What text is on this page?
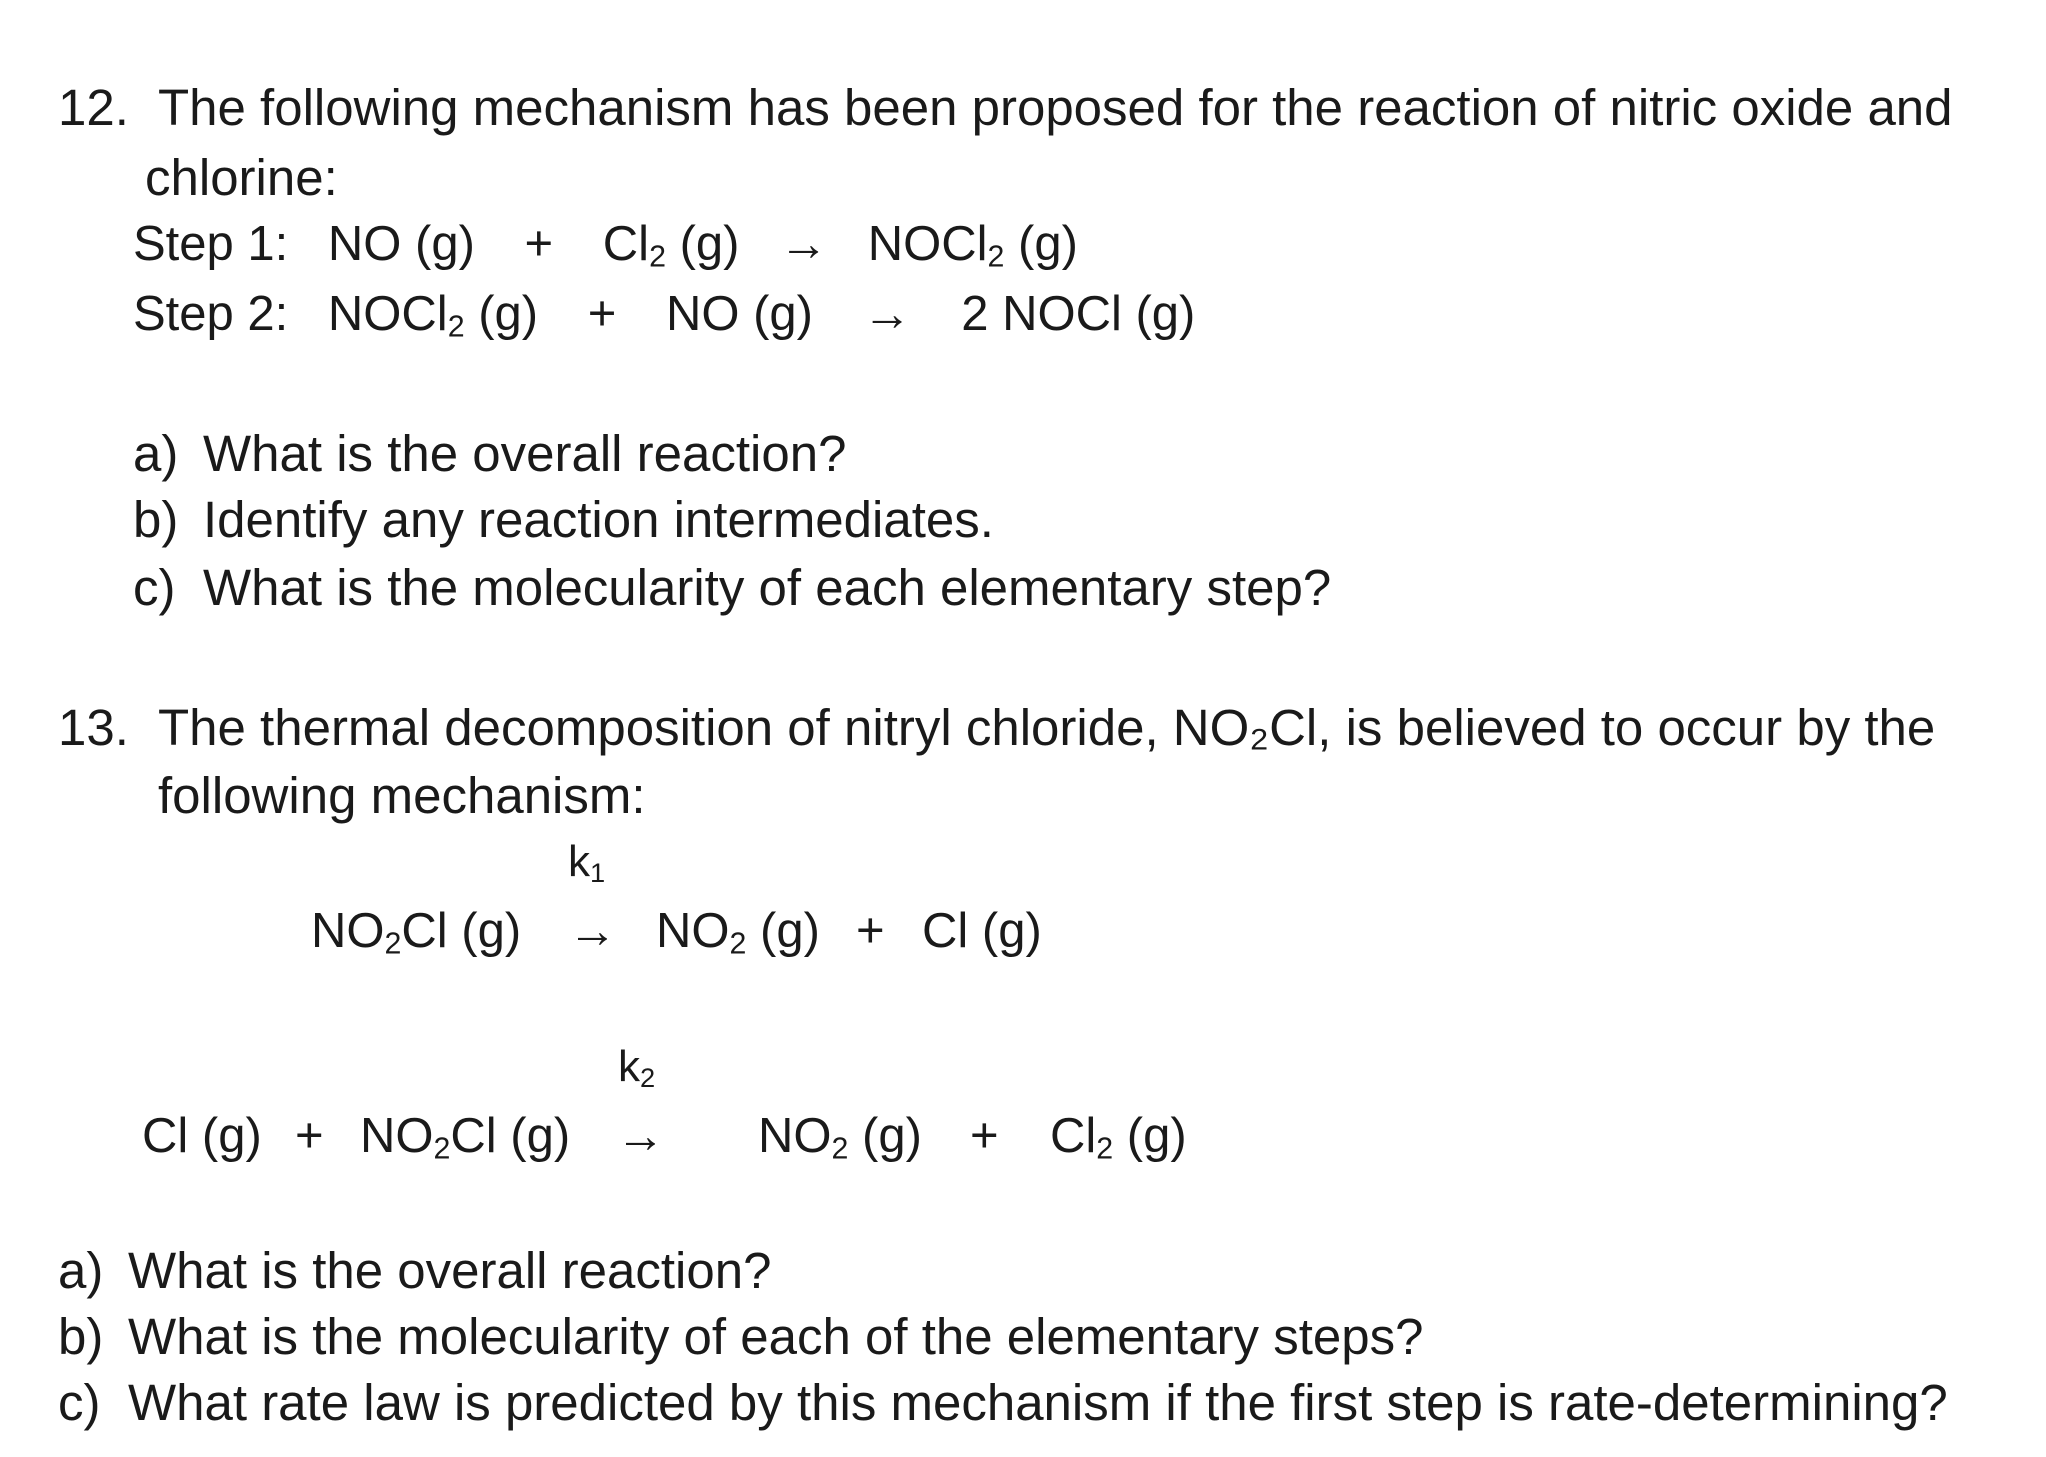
12. The following mechanism has been proposed for the reaction of nitric oxide and
chlorine:
Step 1: NO $(g) + Cl_2$ (g) → NOCl$_2$ (g)
Step 2: NOCl$_2$ (g) + NO (g) → 2 NOCl (g)
a) What is the overall reaction?
b) Identify any reaction intermediates.
c) What is the molecularity of each elementary step?
13. The thermal decomposition of nitryl chloride, NO₂Cl, is believed to occur by the
following mechanism:
$k_1$
$NO_2Cl$ $(g) \to NO_2$ (g) + Cl (g)
$k_2$
Cl $(g) + NO_2Cl$ $(g) \to NO_2$ $(g) + Cl_2$ (g)
a) What is the overall reaction?
b) What is the molecularity of each of the elementary steps?
c) What rate law is predicted by this mechanism if the first step is rate-determining?
